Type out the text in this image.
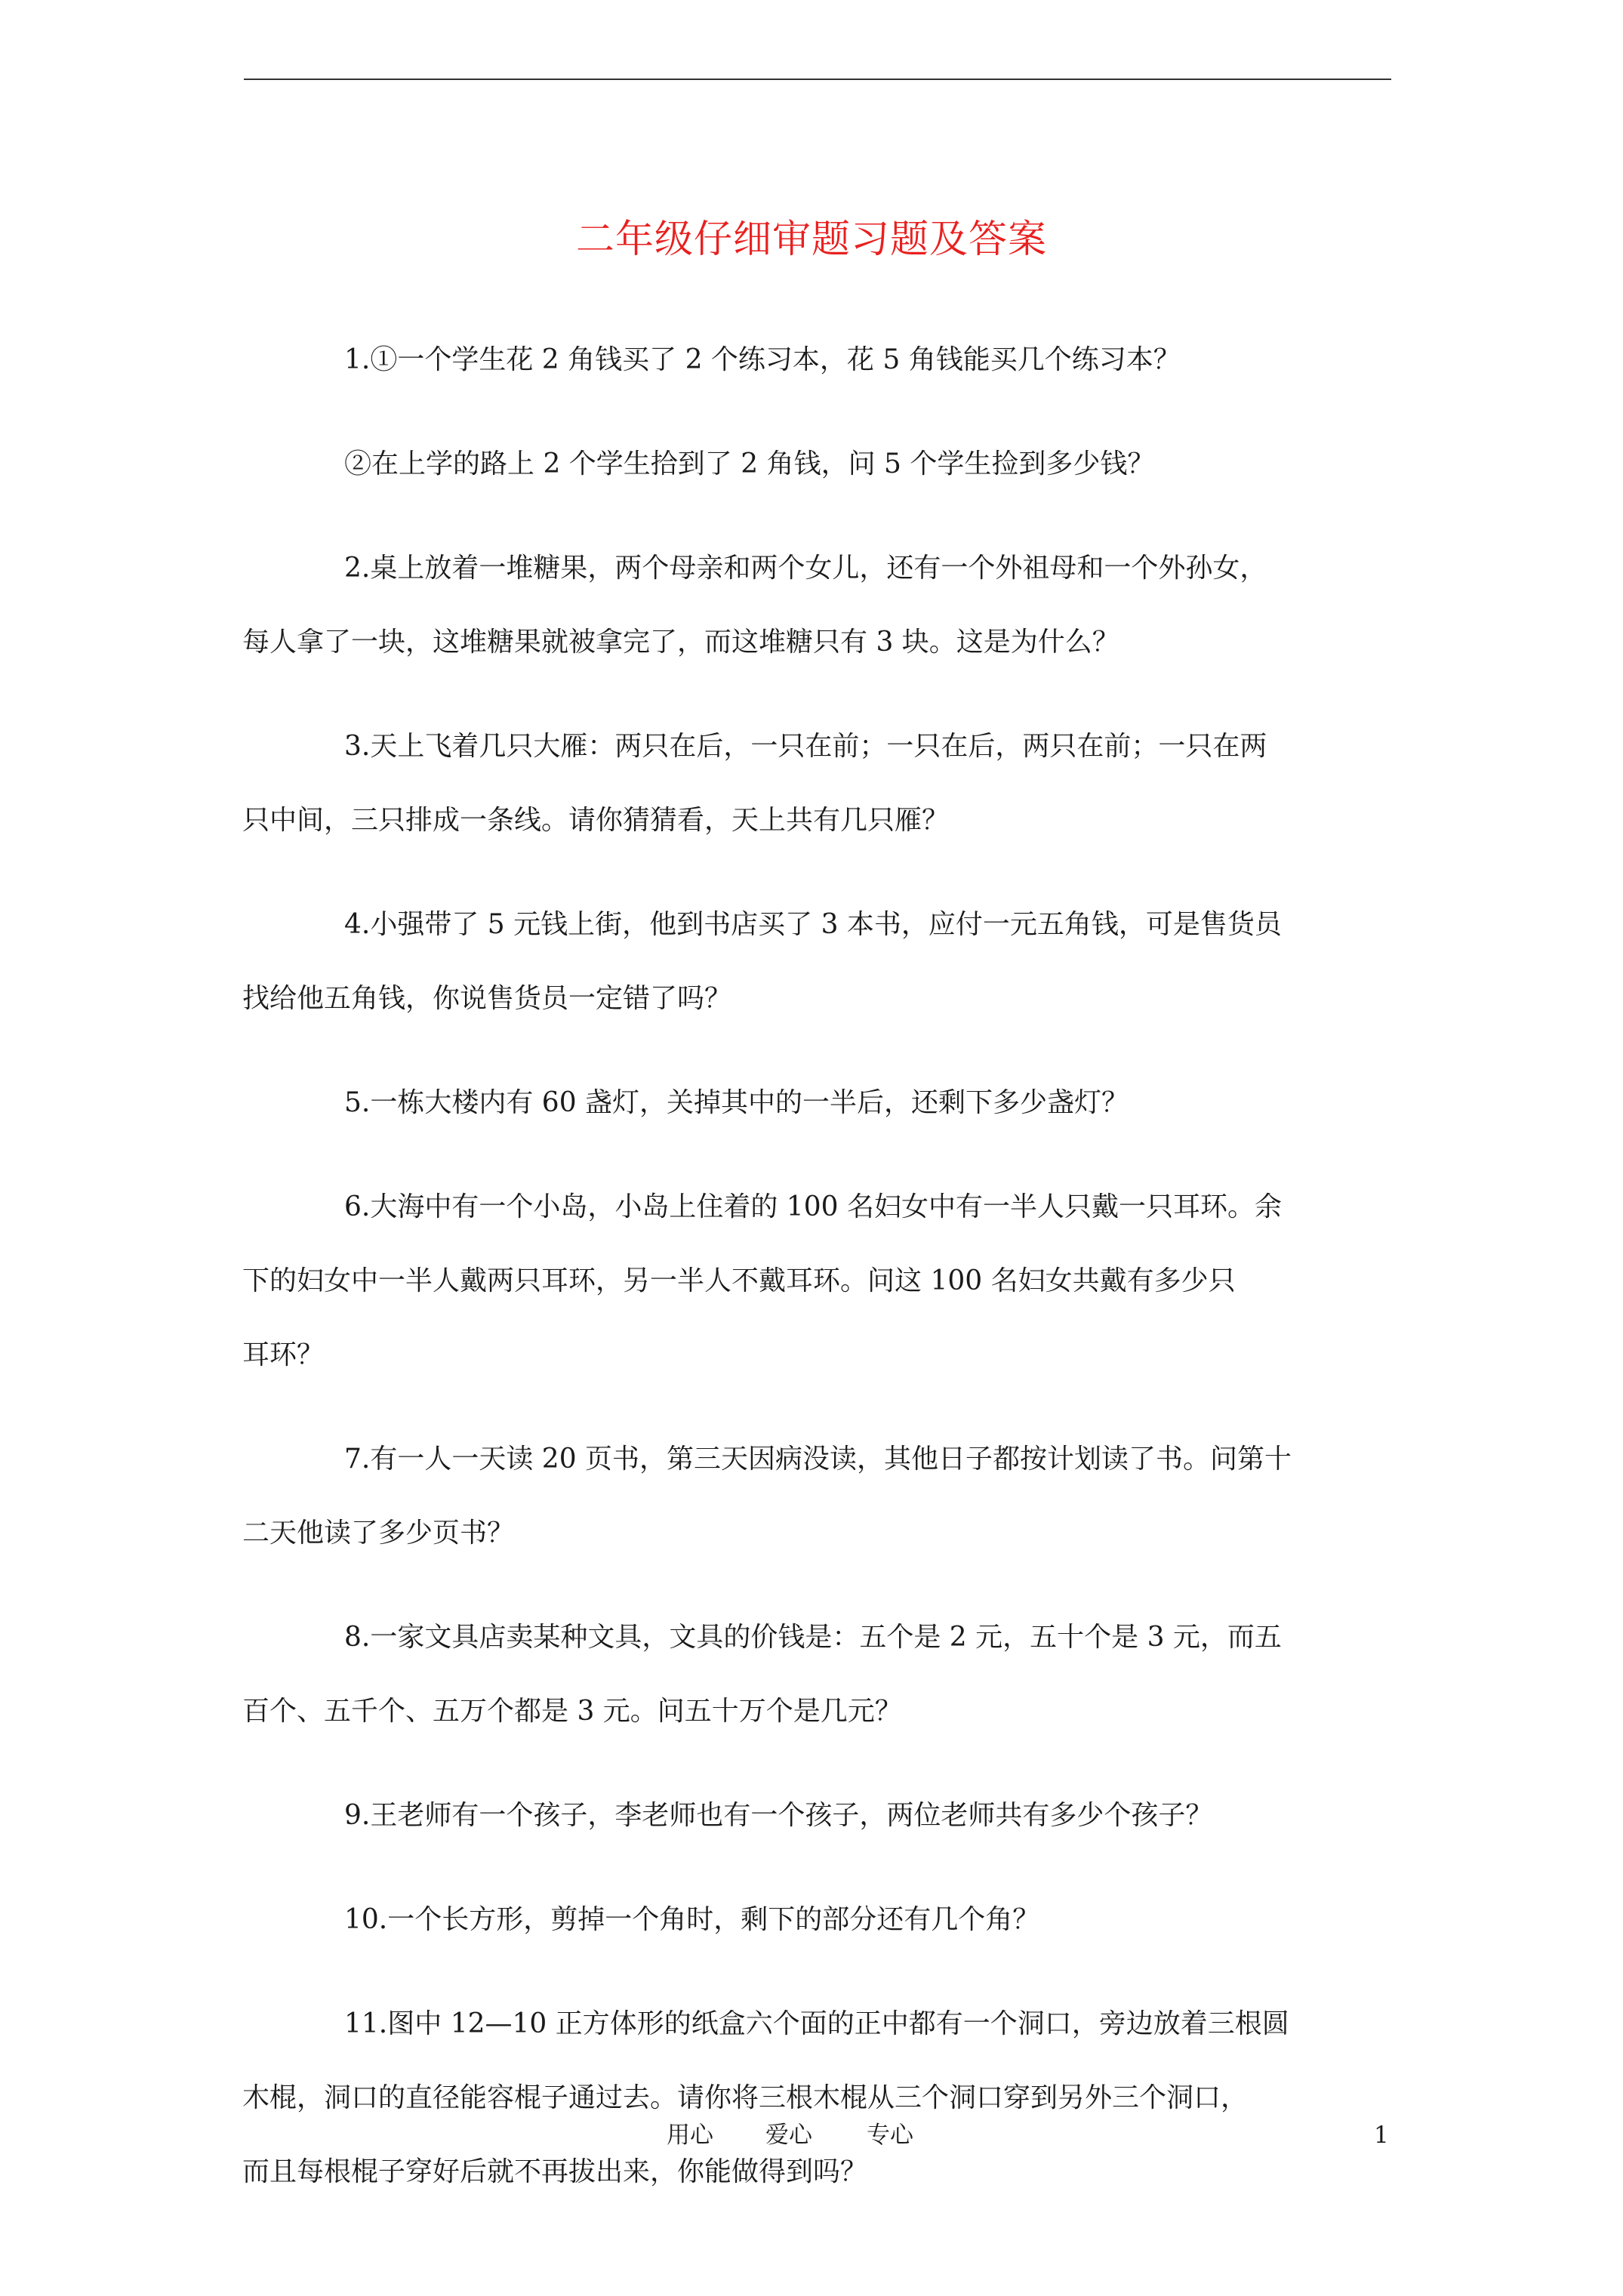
二年级仔细审题习题及答案

1.①一个学生花 2 角钱买了 2 个练习本，花 5 角钱能买几个练习本？

②在上学的路上 2 个学生拾到了 2 角钱，问 5 个学生捡到多少钱？

2.桌上放着一堆糖果，两个母亲和两个女儿，还有一个外祖母和一个外孙女，

每人拿了一块，这堆糖果就被拿完了，而这堆糖只有 3 块。这是为什么？

3.天上飞着几只大雁：两只在后，一只在前；一只在后，两只在前；一只在两

只中间，三只排成一条线。请你猜猜看，天上共有几只雁？

4.小强带了 5 元钱上街，他到书店买了 3 本书，应付一元五角钱，可是售货员

找给他五角钱，你说售货员一定错了吗？

5.一栋大楼内有 60 盏灯，关掉其中的一半后，还剩下多少盏灯？

6.大海中有一个小岛，小岛上住着的 100 名妇女中有一半人只戴一只耳环。余

下的妇女中一半人戴两只耳环，另一半人不戴耳环。问这 100 名妇女共戴有多少只

耳环？

7.有一人一天读 20 页书，第三天因病没读，其他日子都按计划读了书。问第十

二天他读了多少页书？

8.一家文具店卖某种文具，文具的价钱是：五个是 2 元，五十个是 3 元，而五

百个、五千个、五万个都是 3 元。问五十万个是几元？

9.王老师有一个孩子，李老师也有一个孩子，两位老师共有多少个孩子？

10.一个长方形，剪掉一个角时，剩下的部分还有几个角？

11.图中 12—10 正方体形的纸盒六个面的正中都有一个洞口，旁边放着三根圆

木棍，洞口的直径能容棍子通过去。请你将三根木棍从三个洞口穿到另外三个洞口，

而且每根棍子穿好后就不再拔出来，你能做得到吗？

用心 爱心 专心	1
